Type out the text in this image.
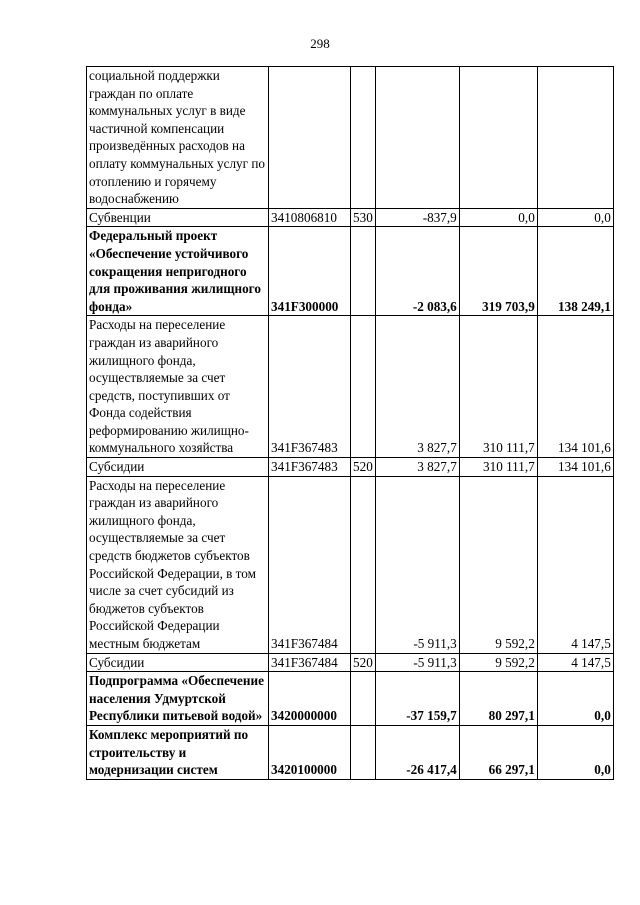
298
социальной поддержки граждан по оплате коммунальных услуг в виде частичной компенсации произведённых расходов на оплату коммунальных услуг по отоплению и горячему водоснабжению					
Субвенции	3410806810	530	-837,9	0,0	0,0
Федеральный проект «Обеспечение устойчивого сокращения непригодного для проживания жилищного фонда»	341F300000		-2 083,6	319 703,9	138 249,1
Расходы на переселение граждан из аварийного жилищного фонда, осуществляемые за счет средств, поступивших от Фонда содействия реформированию жилищно-коммунального хозяйства	341F367483		3 827,7	310 111,7	134 101,6
Субсидии	341F367483	520	3 827,7	310 111,7	134 101,6
Расходы на переселение граждан из аварийного жилищного фонда, осуществляемые за счет средств бюджетов субъектов Российской Федерации, в том числе за счет субсидий из бюджетов субъектов Российской Федерации местным бюджетам	341F367484		-5 911,3	9 592,2	4 147,5
Субсидии	341F367484	520	-5 911,3	9 592,2	4 147,5
Подпрограмма «Обеспечение населения Удмуртской Республики питьевой водой»	3420000000		-37 159,7	80 297,1	0,0
Комплекс мероприятий по строительству и модернизации систем	3420100000		-26 417,4	66 297,1	0,0
